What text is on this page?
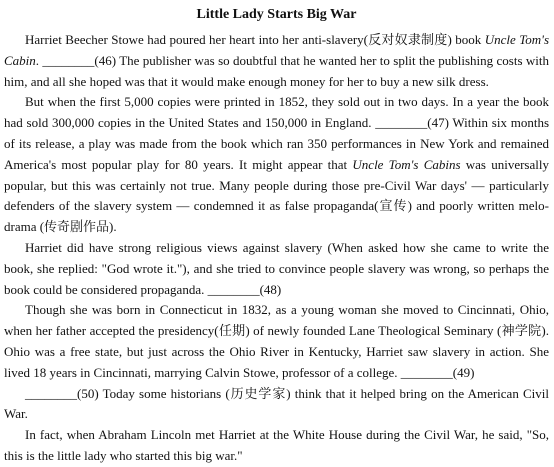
Little Lady Starts Big War

Harriet Beecher Stowe had poured her heart into her anti-slavery(反对奴隶制度) book Uncle Tom's Cabin. ________(46) The publisher was so doubtful that he wanted her to split the publishing costs with him, and all she hoped was that it would make enough money for her to buy a new silk dress.

But when the first 5,000 copies were printed in 1852, they sold out in two days. In a year the book had sold 300,000 copies in the United States and 150,000 in England. ________(47) Within six months of its release, a play was made from the book which ran 350 performances in New York and remained America's most popular play for 80 years. It might appear that Uncle Tom's Cabins was universally popular, but this was certainly not true. Many people during those pre-Civil War days' — particularly defenders of the slavery system — condemned it as false propaganda(宣传) and poorly written melo-drama (传奇剧作品).

Harriet did have strong religious views against slavery (When asked how she came to write the book, she replied: "God wrote it."), and she tried to convince people slavery was wrong, so perhaps the book could be considered propaganda. ________(48)

Though she was born in Connecticut in 1832, as a young woman she moved to Cincinnati, Ohio, when her father accepted the presidency(任期) of newly founded Lane Theological Seminary (神学院). Ohio was a free state, but just across the Ohio River in Kentucky, Harriet saw slavery in action. She lived 18 years in Cincinnati, marrying Calvin Stowe, professor of a college. ________(49)

________(50) Today some historians (历史学家) think that it helped bring on the American Civil War.

In fact, when Abraham Lincoln met Harriet at the White House during the Civil War, he said, "So, this is the little lady who started this big war."
